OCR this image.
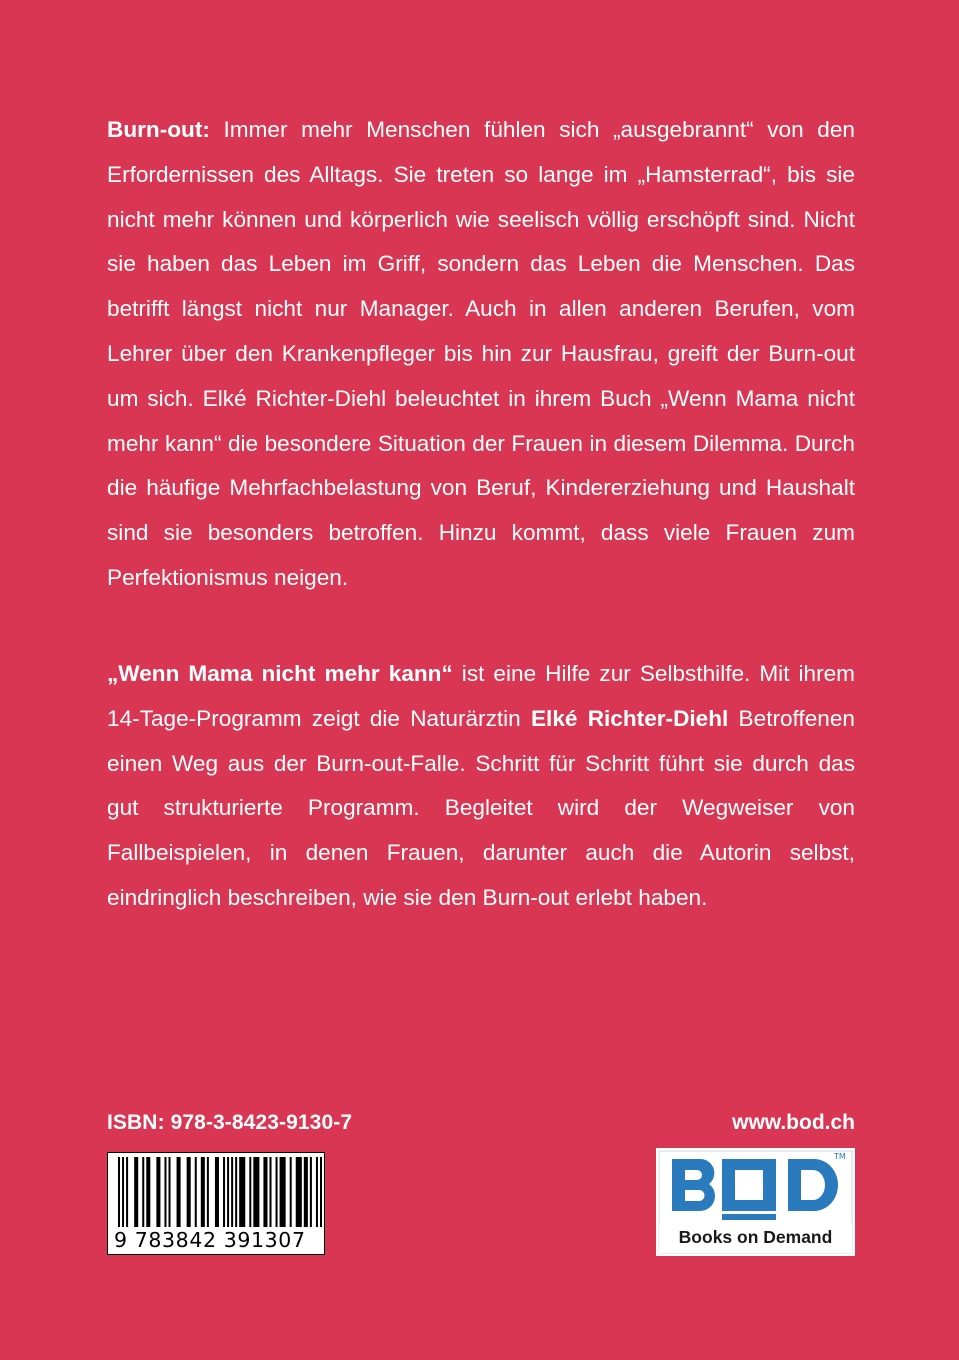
Burn-out: Immer mehr Menschen fühlen sich „ausgebrannt“ von den Erfordernissen des Alltags. Sie treten so lange im „Hamsterrad“, bis sie nicht mehr können und körperlich wie seelisch völlig erschöpft sind. Nicht sie haben das Leben im Griff, sondern das Leben die Menschen. Das betrifft längst nicht nur Manager. Auch in allen anderen Berufen, vom Lehrer über den Krankenpfleger bis hin zur Hausfrau, greift der Burn-out um sich. Elké Richter-Diehl beleuchtet in ihrem Buch „Wenn Mama nicht mehr kann“ die besondere Situation der Frauen in diesem Dilemma. Durch die häufige Mehrfachbelastung von Beruf, Kindererziehung und Haushalt sind sie besonders betroffen. Hinzu kommt, dass viele Frauen zum Perfektionismus neigen.

„Wenn Mama nicht mehr kann“ ist eine Hilfe zur Selbsthilfe. Mit ihrem 14-Tage-Programm zeigt die Naturärztin Elké Richter-Diehl Betroffenen einen Weg aus der Burn-out-Falle. Schritt für Schritt führt sie durch das gut strukturierte Programm. Begleitet wird der Wegweiser von Fallbeispielen, in denen Frauen, darunter auch die Autorin selbst, eindringlich beschreiben, wie sie den Burn-out erlebt haben.

ISBN: 978-3-8423-9130-7	www.bod.ch
9 783842 391307
TM
Books on Demand
